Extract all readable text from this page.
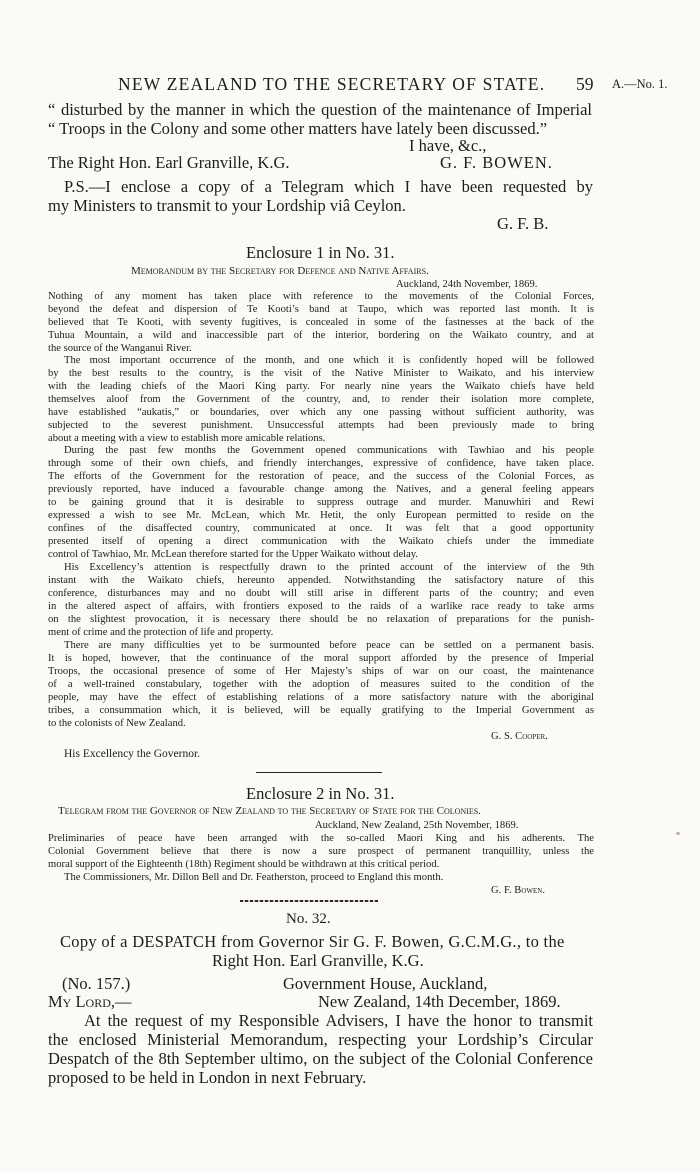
NEW ZEALAND TO THE SECRETARY OF STATE. 59 A.—No. 1.
“ disturbed by the manner in which the question of the maintenance of Imperial
“ Troops in the Colony and some other matters have lately been discussed.”
I have, &c.,
The Right Hon. Earl Granville, K.G.	G. F. BOWEN.
P.S.—I enclose a copy of a Telegram which I have been requested by
my Ministers to transmit to your Lordship viâ Ceylon.
G. F. B.
Enclosure 1 in No. 31.
Memorandum by the Secretary for Defence and Native Affairs.
Auckland, 24th November, 1869.
Nothing of any moment has taken place with reference to the movements of the Colonial Forces,
beyond the defeat and dispersion of Te Kooti’s band at Taupo, which was reported last month. It is
believed that Te Kooti, with seventy fugitives, is concealed in some of the fastnesses at the back of the
Tuhua Mountain, a wild and inaccessible part of the interior, bordering on the Waikato country, and at
the source of the Wanganui River.
The most important occurrence of the month, and one which it is confidently hoped will be followed
by the best results to the country, is the visit of the Native Minister to Waikato, and his interview
with the leading chiefs of the Maori King party. For nearly nine years the Waikato chiefs have held
themselves aloof from the Government of the country, and, to render their isolation more complete,
have established “aukatis,” or boundaries, over which any one passing without sufficient authority, was
subjected to the severest punishment. Unsuccessful attempts had been previously made to bring
about a meeting with a view to establish more amicable relations.
During the past few months the Government opened communications with Tawhiao and his people
through some of their own chiefs, and friendly interchanges, expressive of confidence, have taken place.
The efforts of the Government for the restoration of peace, and the success of the Colonial Forces, as
previously reported, have induced a favourable change among the Natives, and a general feeling appears
to be gaining ground that it is desirable to suppress outrage and murder. Manuwhiri and Rewi
expressed a wish to see Mr. McLean, which Mr. Hetit, the only European permitted to reside on the
confines of the disaffected country, communicated at once. It was felt that a good opportunity
presented itself of opening a direct communication with the Waikato chiefs under the immediate
control of Tawhiao, Mr. McLean therefore started for the Upper Waikato without delay.
His Excellency’s attention is respectfully drawn to the printed account of the interview of the 9th
instant with the Waikato chiefs, hereunto appended. Notwithstanding the satisfactory nature of this
conference, disturbances may and no doubt will still arise in different parts of the country; and even
in the altered aspect of affairs, with frontiers exposed to the raids of a warlike race ready to take arms
on the slightest provocation, it is necessary there should be no relaxation of preparations for the punish-
ment of crime and the protection of life and property.
There are many difficulties yet to be surmounted before peace can be settled on a permanent basis.
It is hoped, however, that the continuance of the moral support afforded by the presence of Imperial
Troops, the occasional presence of some of Her Majesty’s ships of war on our coast, the maintenance
of a well-trained constabulary, together with the adoption of measures suited to the condition of the
people, may have the effect of establishing relations of a more satisfactory nature with the aboriginal
tribes, a consummation which, it is believed, will be equally gratifying to the Imperial Government as
to the colonists of New Zealand.
G. S. Cooper.
His Excellency the Governor.
Enclosure 2 in No. 31.
Telegram from the Governor of New Zealand to the Secretary of State for the Colonies.
Auckland, New Zealand, 25th November, 1869.
Preliminaries of peace have been arranged with the so-called Maori King and his adherents. The
Colonial Government believe that there is now a sure prospect of permanent tranquillity, unless the
moral support of the Eighteenth (18th) Regiment should be withdrawn at this critical period.
The Commissioners, Mr. Dillon Bell and Dr. Featherston, proceed to England this month.
G. F. Bowen.
No. 32.
Copy of a DESPATCH from Governor Sir G. F. Bowen, G.C.M.G., to the
Right Hon. Earl Granville, K.G.
(No. 157.)	Government House, Auckland,
My Lord,—	New Zealand, 14th December, 1869.
At the request of my Responsible Advisers, I have the honor to transmit
the enclosed Ministerial Memorandum, respecting your Lordship’s Circular
Despatch of the 8th September ultimo, on the subject of the Colonial Conference
proposed to be held in London in next February.
